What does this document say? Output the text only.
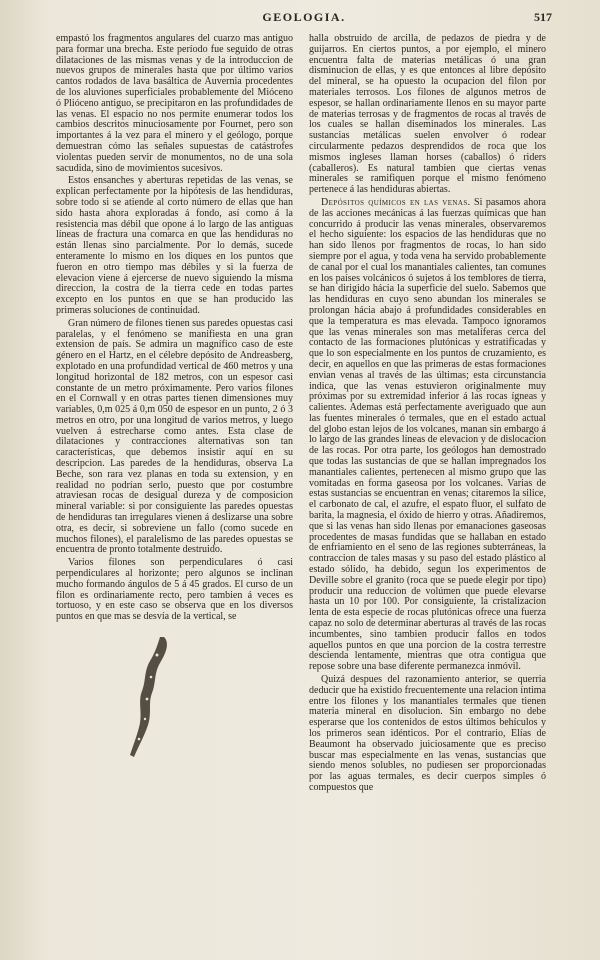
GEOLOGIA.	517

empastó los fragmentos angulares del cuarzo mas antiguo para formar una brecha. Este período fue seguido de otras dilataciones de las mismas venas y de la introduccion de nuevos grupos de minerales hasta que por último varios cantos rodados de lava basáltica de Auvernia procedentes de los aluviones superficiales probablemente del Mióceno ó Plióceno antiguo, se precipitaron en las profundidades de las venas. El espacio no nos permite enumerar todos los cambios descritos minuciosamente por Fournet, pero son importantes á la vez para el minero y el geólogo, porque demuestran cómo las señales supuestas de catástrofes violentas pueden servir de monumentos, no de una sola sacudida, sino de movimientos sucesivos.

Estos ensanches y aberturas repetidas de las venas, se explican perfectamente por la hipótesis de las hendiduras, sobre todo si se atiende al corto número de ellas que han sido hasta ahora exploradas á fondo, así como á la resistencia mas débil que opone á lo largo de las antiguas líneas de fractura una comarca en que las hendiduras no están llenas sino parcialmente. Por lo demás, sucede enteramente lo mismo en los diques en los puntos que fueron en otro tiempo mas débiles y si la fuerza de elevacion viene á ejercerse de nuevo siguiendo la misma direccion, la costra de la tierra cede en todas partes excepto en los puntos en que se han producido las primeras soluciones de continuidad.

Gran número de filones tienen sus paredes opuestas casi paralelas, y el fenómeno se manifiesta en una gran extension de país. Se admira un magnífico caso de este género en el Hartz, en el célebre depósito de Andreasberg, explotado en una profundidad vertical de 460 metros y una longitud horizontal de 182 metros, con un espesor casi constante de un metro próximamente. Pero varios filones en el Cornwall y en otras partes tienen dimensiones muy variables, 0,m 025 á 0,m 050 de espesor en un punto, 2 ó 3 metros en otro, por una longitud de varios metros, y luego vuelven á estrecharse como antes. Esta clase de dilataciones y contracciones alternativas son tan características, que debemos insistir aquí en su descripcion. Las paredes de la hendiduras, observa La Beche, son rara vez planas en toda su extension, y en realidad no podrían serlo, puesto que por costumbre atraviesan rocas de desigual dureza y de composicion mineral variable: si por consiguiente las paredes opuestas de hendiduras tan irregulares vienen á deslizarse una sobre otra, es decir, si sobreviene un fallo (como sucede en muchos filones), el paralelismo de las paredes opuestas se encuentra de pronto totalmente destruido.

Varios filones son perpendiculares ó casi perpendiculares al horizonte; pero algunos se inclinan mucho formando ángulos de 5 á 45 grados. El curso de un filon es ordinariamente recto, pero tambien á veces es tortuoso, y en este caso se observa que en los diversos puntos en que mas se desvía de la vertical, se

halla obstruido de arcilla, de pedazos de piedra y de guijarros. En ciertos puntos, a por ejemplo, el minero encuentra falta de materias metálicas ó una gran disminucion de ellas, y es que entonces al libre depósito del mineral, se ha opuesto la ocupacion del filon por materiales terrosos. Los filones de algunos metros de espesor, se hallan ordinariamente llenos en su mayor parte de materias terrosas y de fragmentos de rocas al través de los cuales se hallan diseminados los minerales. Las sustancias metálicas suelen envolver ó rodear circularmente pedazos desprendidos de roca que los mismos ingleses llaman horses (caballos) ó riders (caballeros). Es natural tambien que ciertas venas minerales se ramifiquen porque el mismo fenómeno pertenece á las hendiduras abiertas.

Depósitos químicos en las venas. Si pasamos ahora de las acciones mecánicas á las fuerzas químicas que han concurrido á producir las venas minerales, observaremos el hecho siguiente: los espacios de las hendiduras que no han sido llenos por fragmentos de rocas, lo han sido siempre por el agua, y toda vena ha servido probablemente de canal por el cual los manantiales calientes, tan comunes en los países volcánicos ó sujetos á los temblores de tierra, se han dirigido hácia la superficie del suelo. Sabemos que las hendiduras en cuyo seno abundan los minerales se prolongan hácia abajo á profundidades considerables en que la temperatura es mas elevada. Tampoco ignoramos que las venas minerales son mas metalíferas cerca del contacto de las formaciones plutónicas y estratificadas y que lo son especialmente en los puntos de cruzamiento, es decir, en aquellos en que las primeras de estas formaciones envian venas al través de las últimas; esta circunstancia indica, que las venas estuvieron originalmente muy próximas por su extremidad inferior á las rocas ígneas y calientes. Ademas está perfectamente averiguado que aun las fuentes minerales ó termales, que en el estado actual del globo estan lejos de los volcanes, manan sin embargo á lo largo de las grandes líneas de elevacion y de dislocacion de las rocas. Por otra parte, los geólogos han demostrado que todas las sustancias de que se hallan impregnados los manantiales calientes, pertenecen al mismo grupo que las vomitadas en forma gaseosa por los volcanes. Varias de estas sustancias se encuentran en venas; citaremos la silice, el carbonato de cal, el azufre, el espato fluor, el sulfato de barita, la magnesia, el óxido de hierro y otras. Añadiremos, que si las venas han sido llenas por emanaciones gaseosas procedentes de masas fundidas que se hallaban en estado de enfriamiento en el seno de las regiones subterráneas, la contraccion de tales masas y su paso del estado plástico al estado sólido, ha debido, segun los experimentos de Deville sobre el granito (roca que se puede elegir por tipo) producir una reduccion de volúmen que puede elevarse hasta un 10 por 100. Por consiguiente, la cristalizacion lenta de esta especie de rocas plutónicas ofrece una fuerza capaz no solo de determinar aberturas al través de las rocas incumbentes, sino tambien producir fallos en todos aquellos puntos en que una porcion de la costra terrestre descienda lentamente, mientras que otra contigua que repose sobre una base diferente permanezca inmóvil.

Quizá despues del razonamiento anterior, se querria deducir que ha existido frecuentemente una relacion íntima entre los filones y los manantiales termales que tienen materia mineral en disolucion. Sin embargo no debe esperarse que los contenidos de estos últimos behículos y los primeros sean idénticos. Por el contrario, Elías de Beaumont ha observado juiciosamente que es preciso buscar mas especialmente en las venas, sustancias que siendo menos solubles, no pudiesen ser proporcionadas por las aguas termales, es decir cuerpos simples ó compuestos que
